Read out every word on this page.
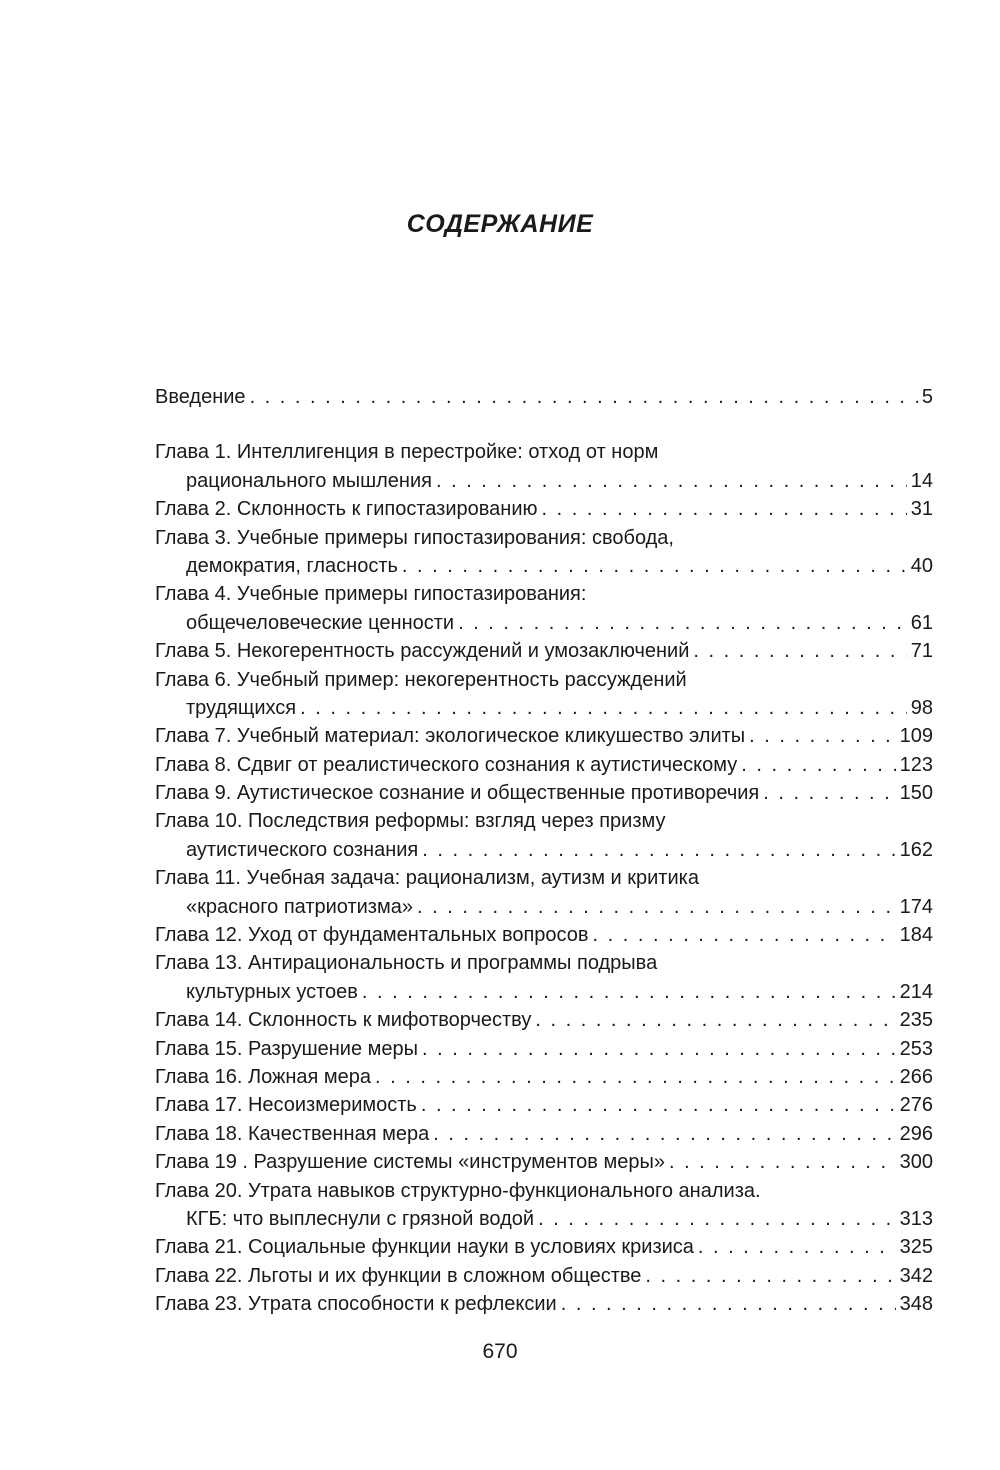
СОДЕРЖАНИЕ
Введение . . .	5
Глава 1. Интеллигенция в перестройке: отход от норм
рационального мышления . . .	14
Глава 2. Склонность к гипостазированию . . .	31
Глава 3. Учебные примеры гипостазирования: свобода,
демократия, гласность . . .	40
Глава 4. Учебные примеры гипостазирования:
общечеловеческие ценности . . .	61
Глава 5. Некогерентность рассуждений и умозаключений . . .	71
Глава 6. Учебный пример: некогерентность рассуждений
трудящихся . . .	98
Глава 7. Учебный материал: экологическое кликушество элиты . . .	109
Глава 8. Сдвиг от реалистического сознания к аутистическому . . .	123
Глава 9. Аутистическое сознание и общественные противоречия . . .	150
Глава 10. Последствия реформы: взгляд через призму
аутистического сознания . . .	162
Глава 11. Учебная задача: рационализм, аутизм и критика
«красного патриотизма» . . .	174
Глава 12. Уход от фундаментальных вопросов . . .	184
Глава 13. Антирациональность и программы подрыва
культурных устоев . . .	214
Глава 14. Склонность к мифотворчеству . . .	235
Глава 15. Разрушение меры . . .	253
Глава 16. Ложная мера . . .	266
Глава 17. Несоизмеримость . . .	276
Глава 18. Качественная мера . . .	296
Глава 19 . Разрушение системы «инструментов меры» . . .	300
Глава 20. Утрата навыков структурно-функционального анализа.
КГБ: что выплеснули с грязной водой . . .	313
Глава 21. Социальные функции науки в условиях кризиса . . .	325
Глава 22. Льготы и их функции в сложном обществе . . .	342
Глава 23. Утрата способности к рефлексии . . .	348
670
